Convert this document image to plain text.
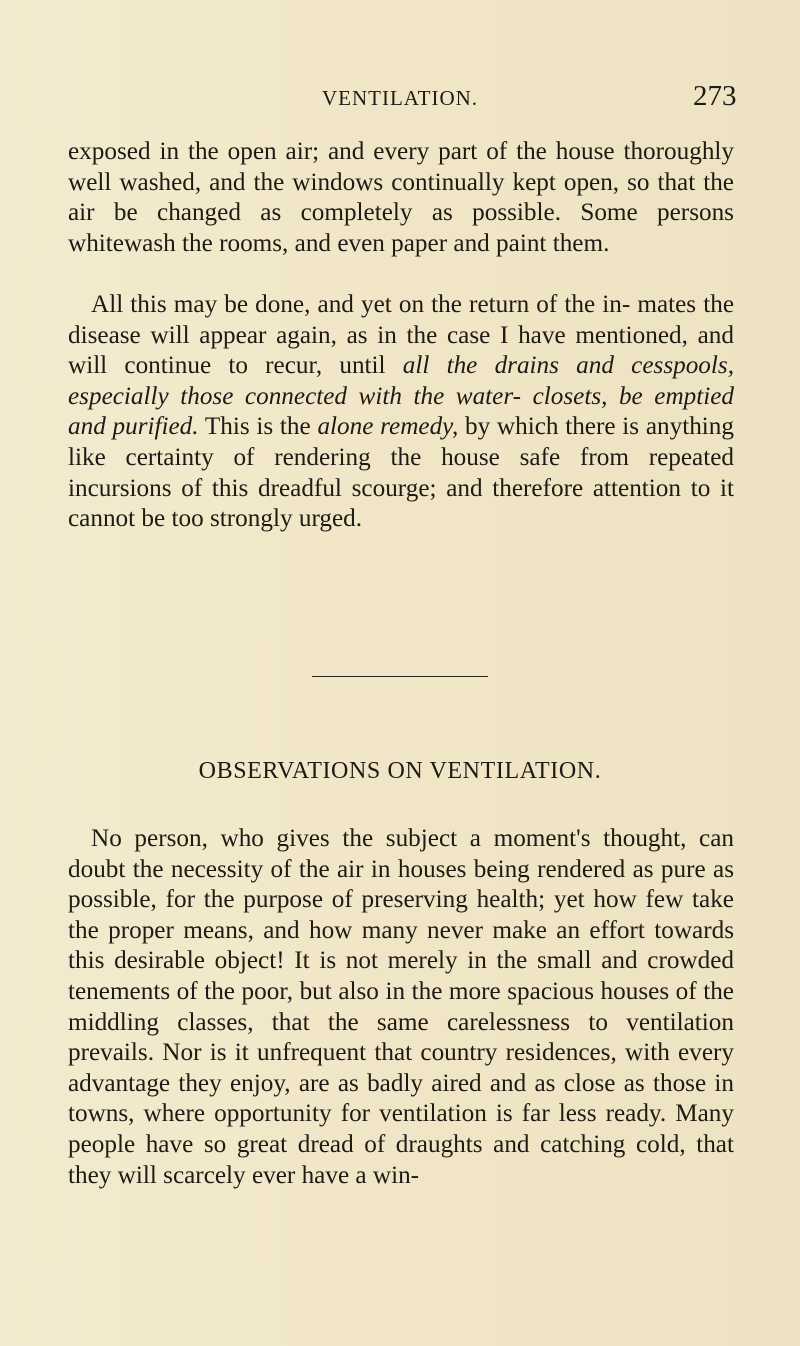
VENTILATION.	273

exposed in the open air; and every part of the house thoroughly well washed, and the windows continually kept open, so that the air be changed as completely as possible. Some persons whitewash the rooms, and even paper and paint them.

All this may be done, and yet on the return of the in- mates the disease will appear again, as in the case I have mentioned, and will continue to recur, until all the drains and cesspools, especially those connected with the water- closets, be emptied and purified. This is the alone remedy, by which there is anything like certainty of rendering the house safe from repeated incursions of this dreadful scourge; and therefore attention to it cannot be too strongly urged.

OBSERVATIONS ON VENTILATION.

No person, who gives the subject a moment's thought, can doubt the necessity of the air in houses being rendered as pure as possible, for the purpose of preserving health; yet how few take the proper means, and how many never make an effort towards this desirable object! It is not merely in the small and crowded tenements of the poor, but also in the more spacious houses of the middling classes, that the same carelessness to ventilation prevails. Nor is it unfrequent that country residences, with every advantage they enjoy, are as badly aired and as close as those in towns, where opportunity for ventilation is far less ready. Many people have so great dread of draughts and catching cold, that they will scarcely ever have a win-
